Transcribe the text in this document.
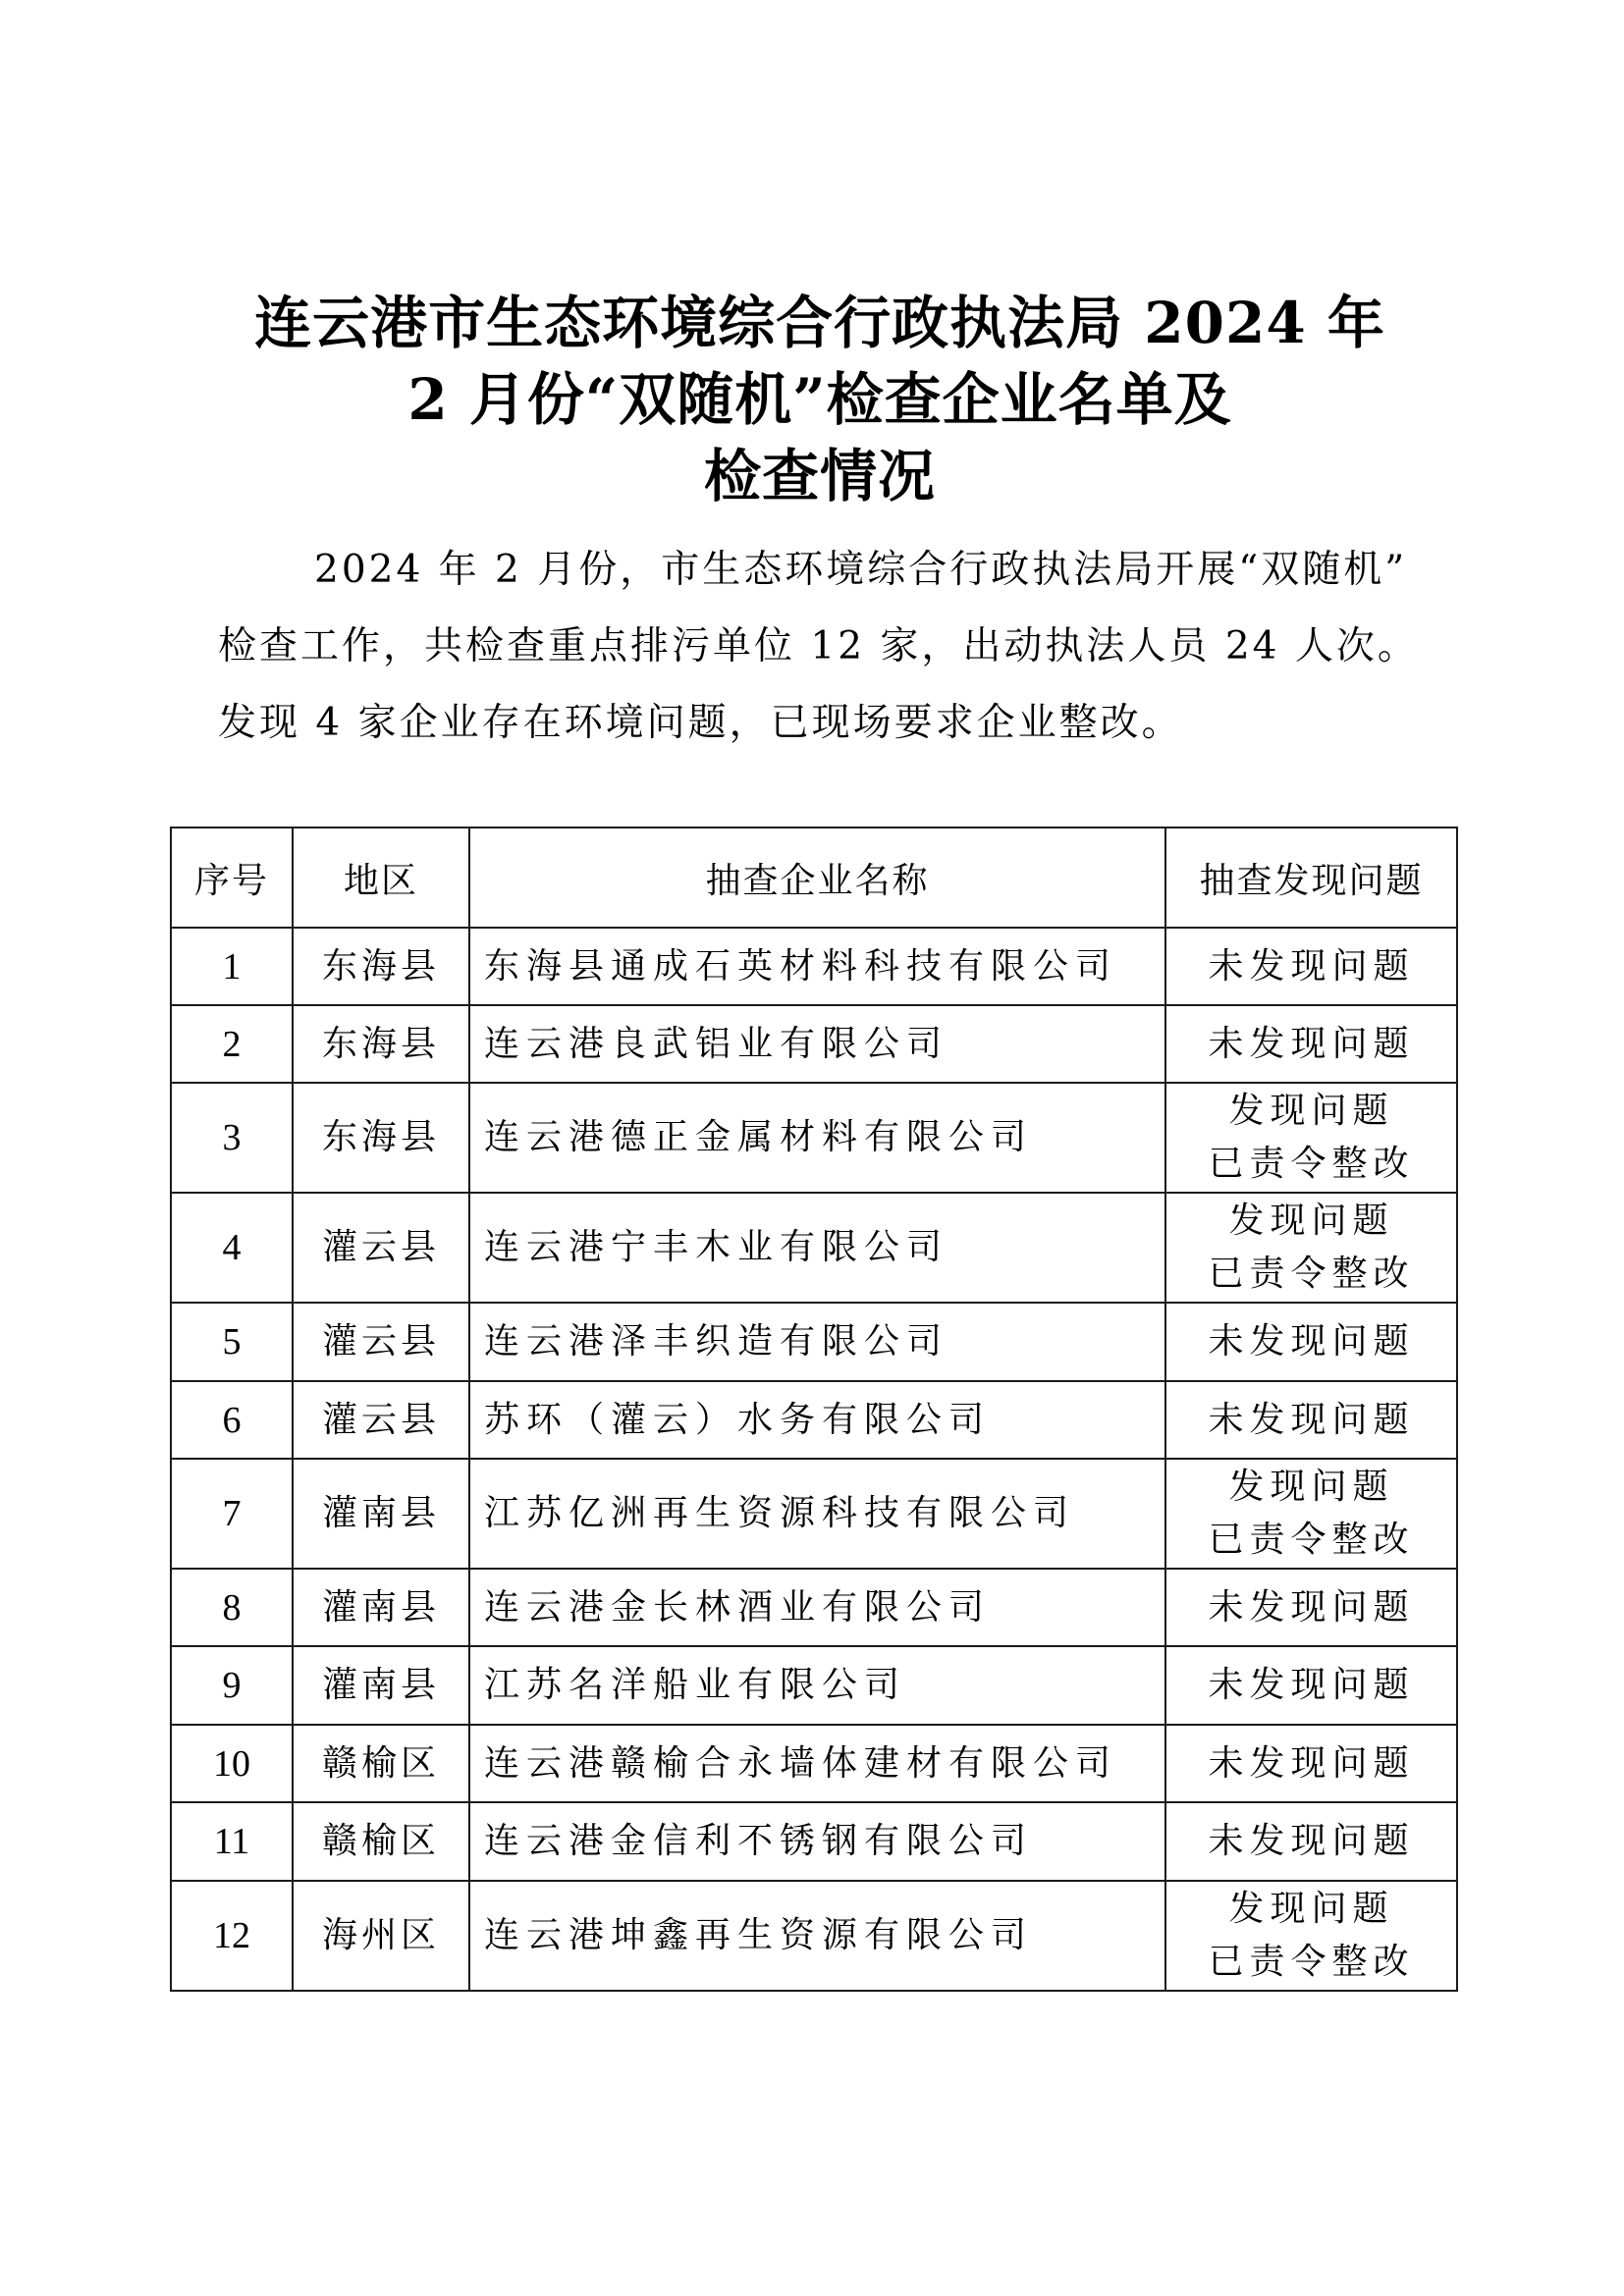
连云港市生态环境综合行政执法局 2024 年
2 月份“双随机”检查企业名单及
检查情况
2024 年 2 月份，市生态环境综合行政执法局开展“双随机”
检查工作，共检查重点排污单位 12 家，出动执法人员 24 人次。
发现 4 家企业存在环境问题，已现场要求企业整改。
序号	地区	抽查企业名称	抽查发现问题
1	东海县	东海县通成石英材料科技有限公司	未发现问题

2	东海县	连云港良武铝业有限公司	未发现问题

3	东海县	连云港德正金属材料有限公司	发现问题
已责令整改

4	灌云县	连云港宁丰木业有限公司	发现问题
已责令整改

5	灌云县	连云港泽丰织造有限公司	未发现问题

6	灌云县	苏环（灌云）水务有限公司	未发现问题

7	灌南县	江苏亿洲再生资源科技有限公司	发现问题
已责令整改

8	灌南县	连云港金长林酒业有限公司	未发现问题

9	灌南县	江苏名洋船业有限公司	未发现问题

10	赣榆区	连云港赣榆合永墙体建材有限公司	未发现问题

11	赣榆区	连云港金信利不锈钢有限公司	未发现问题

12	海州区	连云港坤鑫再生资源有限公司	发现问题
已责令整改
